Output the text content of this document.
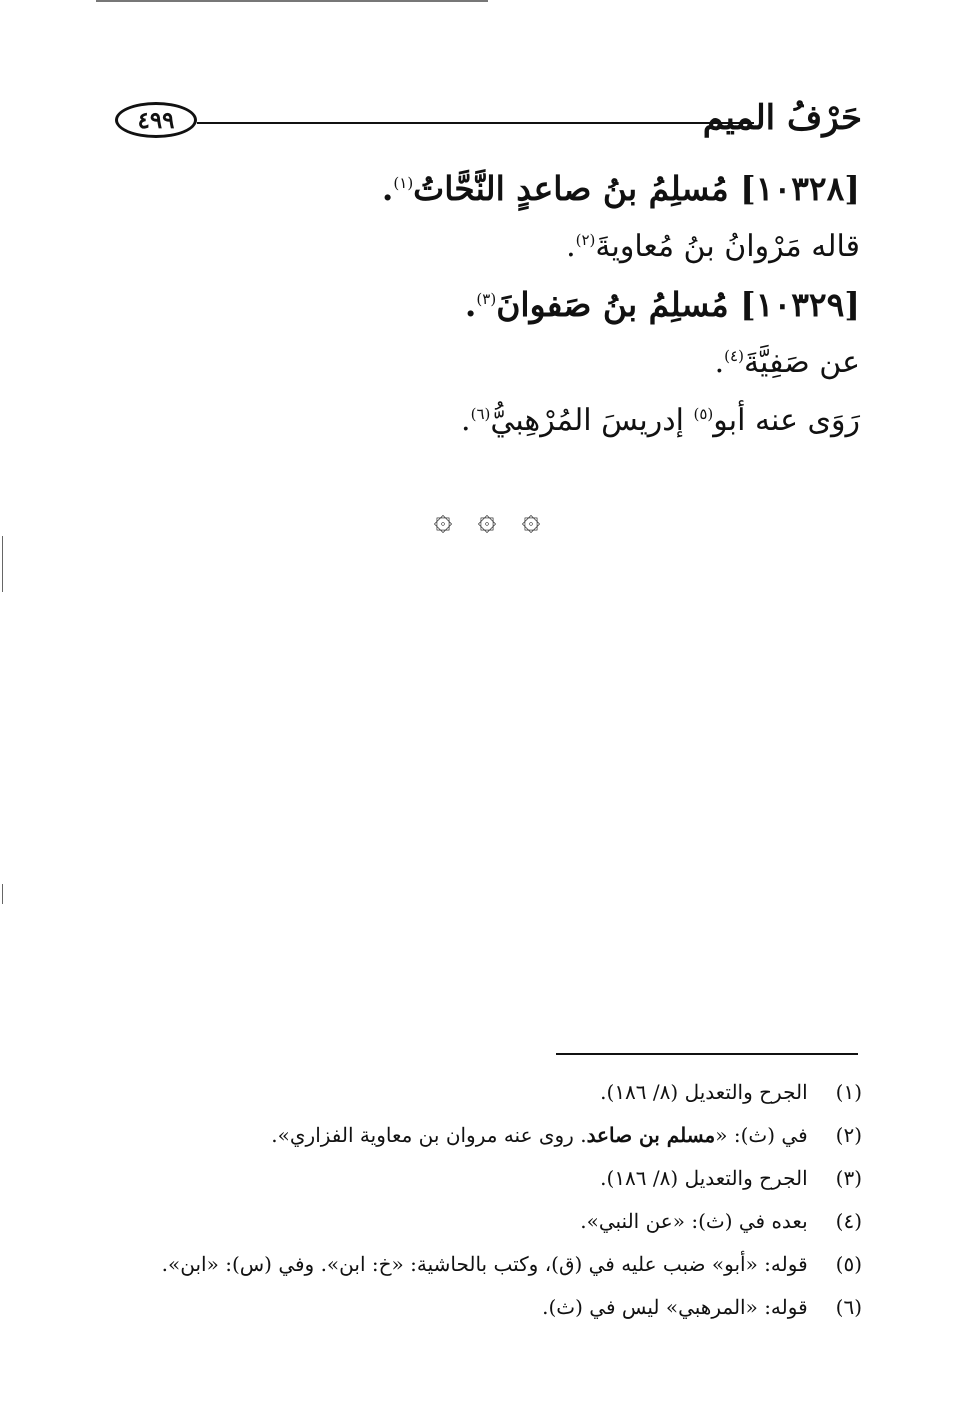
٤٩٩	حَرْفُ الميم
[١٠٣٢٨] مُسلِمُ بنُ صاعدٍ النَّحَّاتُ$^{(١)}$.
قاله مَرْوانُ بنُ مُعاويةَ$^{(٢)}$.
[١٠٣٢٩] مُسلِمُ بنُ صَفوانَ$^{(٣)}$.
عن صَفِيَّةَ$^{(٤)}$.
رَوَى عنه أبو$^{(٥)}$ إدريسَ المُرْهِبيُّ$^{(٦)}$.
۞ ۞ ۞
(١) الجرح والتعديل (٨/ ١٨٦).
(٢) في (ث): «مسلم بن صاعد. روى عنه مروان بن معاوية الفزاري».
(٣) الجرح والتعديل (٨/ ١٨٦).
(٤) بعده في (ث): «عن النبي».
(٥) قوله: «أبو» ضبب عليه في (ق)، وكتب بالحاشية: «خ: ابن». وفي (س): «ابن».
(٦) قوله: «المرهبي» ليس في (ث).
